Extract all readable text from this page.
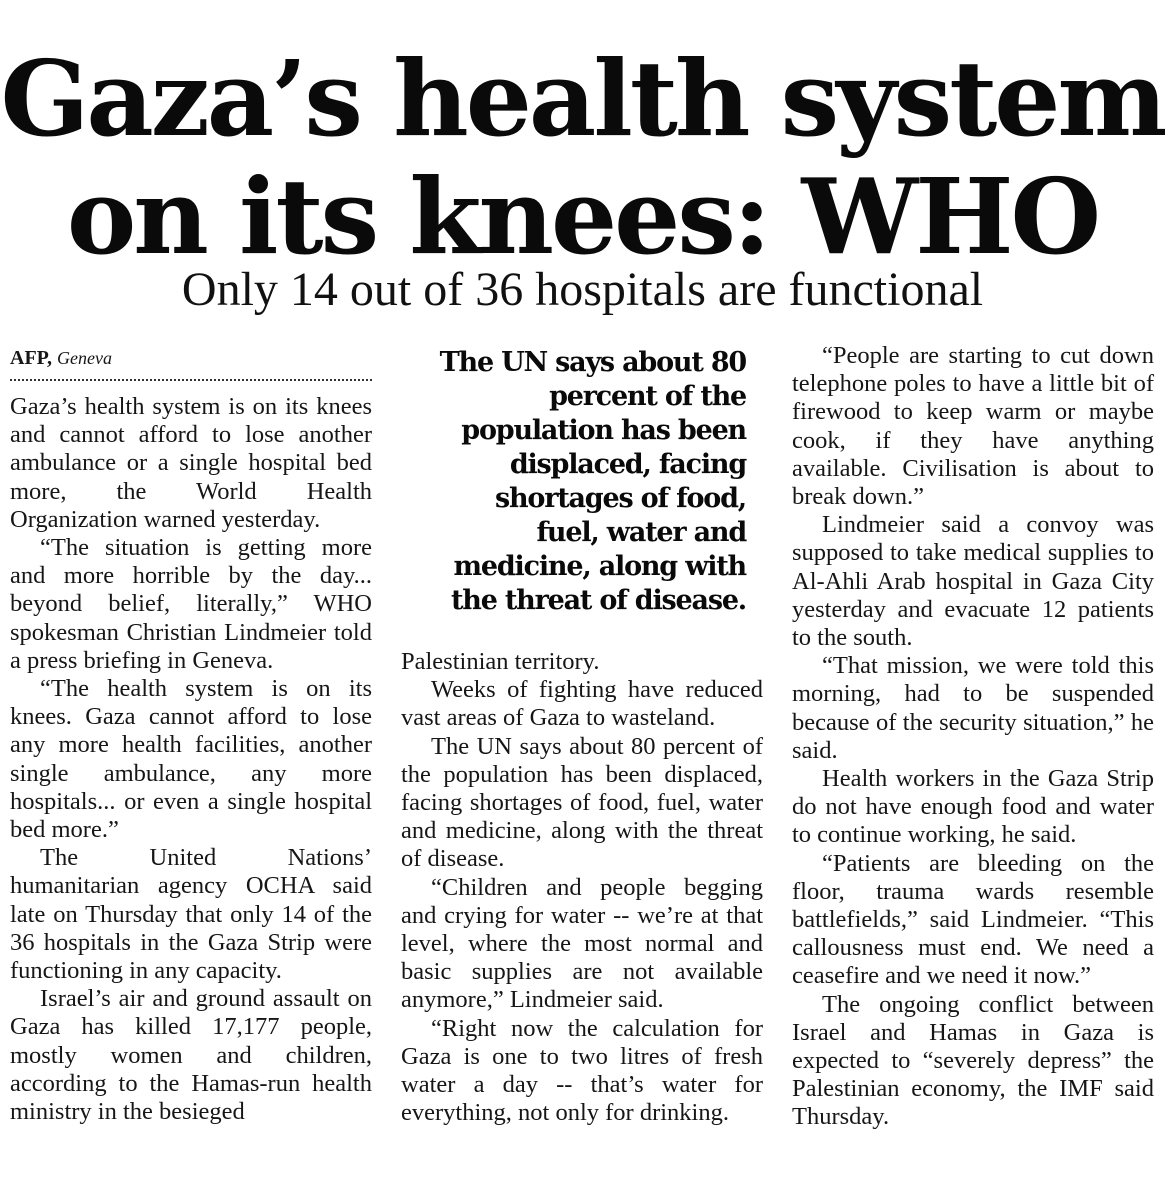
Gaza’s health system
on its knees: WHO
Only 14 out of 36 hospitals are functional
AFP, Geneva

Gaza’s health system is on its knees and cannot afford to lose another ambulance or a single hospital bed more, the World Health Organization warned yesterday.

“The situation is getting more and more horrible by the day... beyond belief, literally,” WHO spokesman Christian Lindmeier told a press briefing in Geneva.

“The health system is on its knees. Gaza cannot afford to lose any more health facilities, another single ambulance, any more hospitals... or even a single hospital bed more.”

The United Nations’ humanitarian agency OCHA said late on Thursday that only 14 of the 36 hospitals in the Gaza Strip were functioning in any capacity.

Israel’s air and ground assault on Gaza has killed 17,177 people, mostly women and children, according to the Hamas-run health ministry in the besieged

The UN says about 80 percent of the population has been displaced, facing shortages of food, fuel, water and medicine, along with the threat of disease.

Palestinian territory.

Weeks of fighting have reduced vast areas of Gaza to wasteland.

The UN says about 80 percent of the population has been displaced, facing shortages of food, fuel, water and medicine, along with the threat of disease.

“Children and people begging and crying for water -- we’re at that level, where the most normal and basic supplies are not available anymore,” Lindmeier said.

“Right now the calculation for Gaza is one to two litres of fresh water a day -- that’s water for everything, not only for drinking.

“People are starting to cut down telephone poles to have a little bit of firewood to keep warm or maybe cook, if they have anything available. Civilisation is about to break down.”

Lindmeier said a convoy was supposed to take medical supplies to Al-Ahli Arab hospital in Gaza City yesterday and evacuate 12 patients to the south.

“That mission, we were told this morning, had to be suspended because of the security situation,” he said.

Health workers in the Gaza Strip do not have enough food and water to continue working, he said.

“Patients are bleeding on the floor, trauma wards resemble battlefields,” said Lindmeier. “This callousness must end. We need a ceasefire and we need it now.”

The ongoing conflict between Israel and Hamas in Gaza is expected to “severely depress” the Palestinian economy, the IMF said Thursday.
